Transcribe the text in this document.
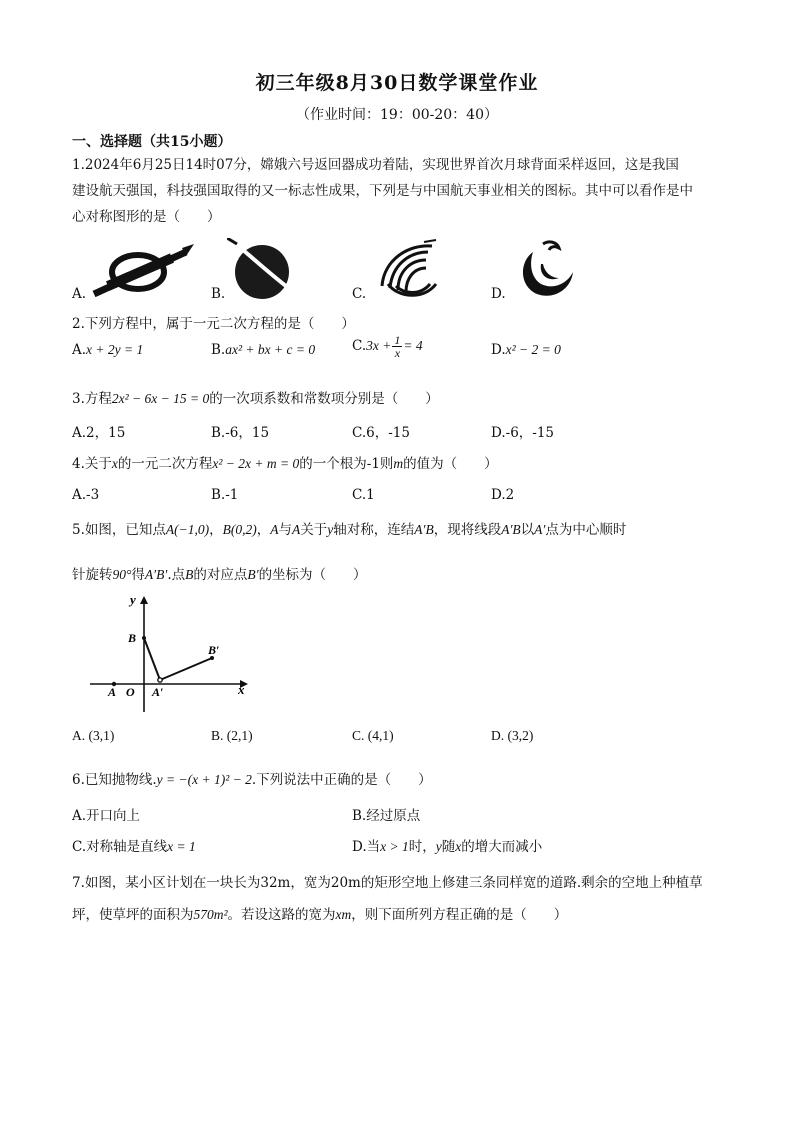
初三年级8月30日数学课堂作业
（作业时间：19：00-20：40）
一、选择题（共15小题）
1.2024年6月25日14时07分，嫦娥六号返回器成功着陆，实现世界首次月球背面采样返回，这是我国
建设航天强国，科技强国取得的又一标志性成果，下列是与中国航天事业相关的图标。其中可以看作是中
心对称图形的是（　　）
A.	B.	C.	D.
2.下列方程中，属于一元二次方程的是（　　）
A.x + 2y = 1	B.ax² + bx + c = 0	$C.3x + \frac{1}{x} = 4$	D.x² − 2 = 0
3.方程2x² − 6x − 15 = 0的一次项系数和常数项分别是（　　）
A.2，15	B.-6，15	C.6，-15	D.-6，-15
4.关于x的一元二次方程x² − 2x + m = 0的一个根为-1则m的值为（　　）
A.-3	B.-1	C.1	D.2
5.如图，已知点A(−1,0)，B(0,2)，A与A关于y轴对称，连结A′B，现将线段A′B以A′点为中心顺时
针旋转90°得A′B′.点B的对应点B′的坐标为（　　）
y
x
B
B′
A O A′
A. (3,1)	B. (2,1)	C. (4,1)	D. (3,2)
6.已知抛物线.y = −(x + 1)² − 2.下列说法中正确的是（　　）
A.开口向上	B.经过原点
C.对称轴是直线x = 1	D.当x > 1时，y随x的增大而减小
7.如图，某小区计划在一块长为32m，宽为20m的矩形空地上修建三条同样宽的道路.剩余的空地上种植草
坪，使草坪的面积为570m²。若设这路的宽为xm，则下面所列方程正确的是（　　）
